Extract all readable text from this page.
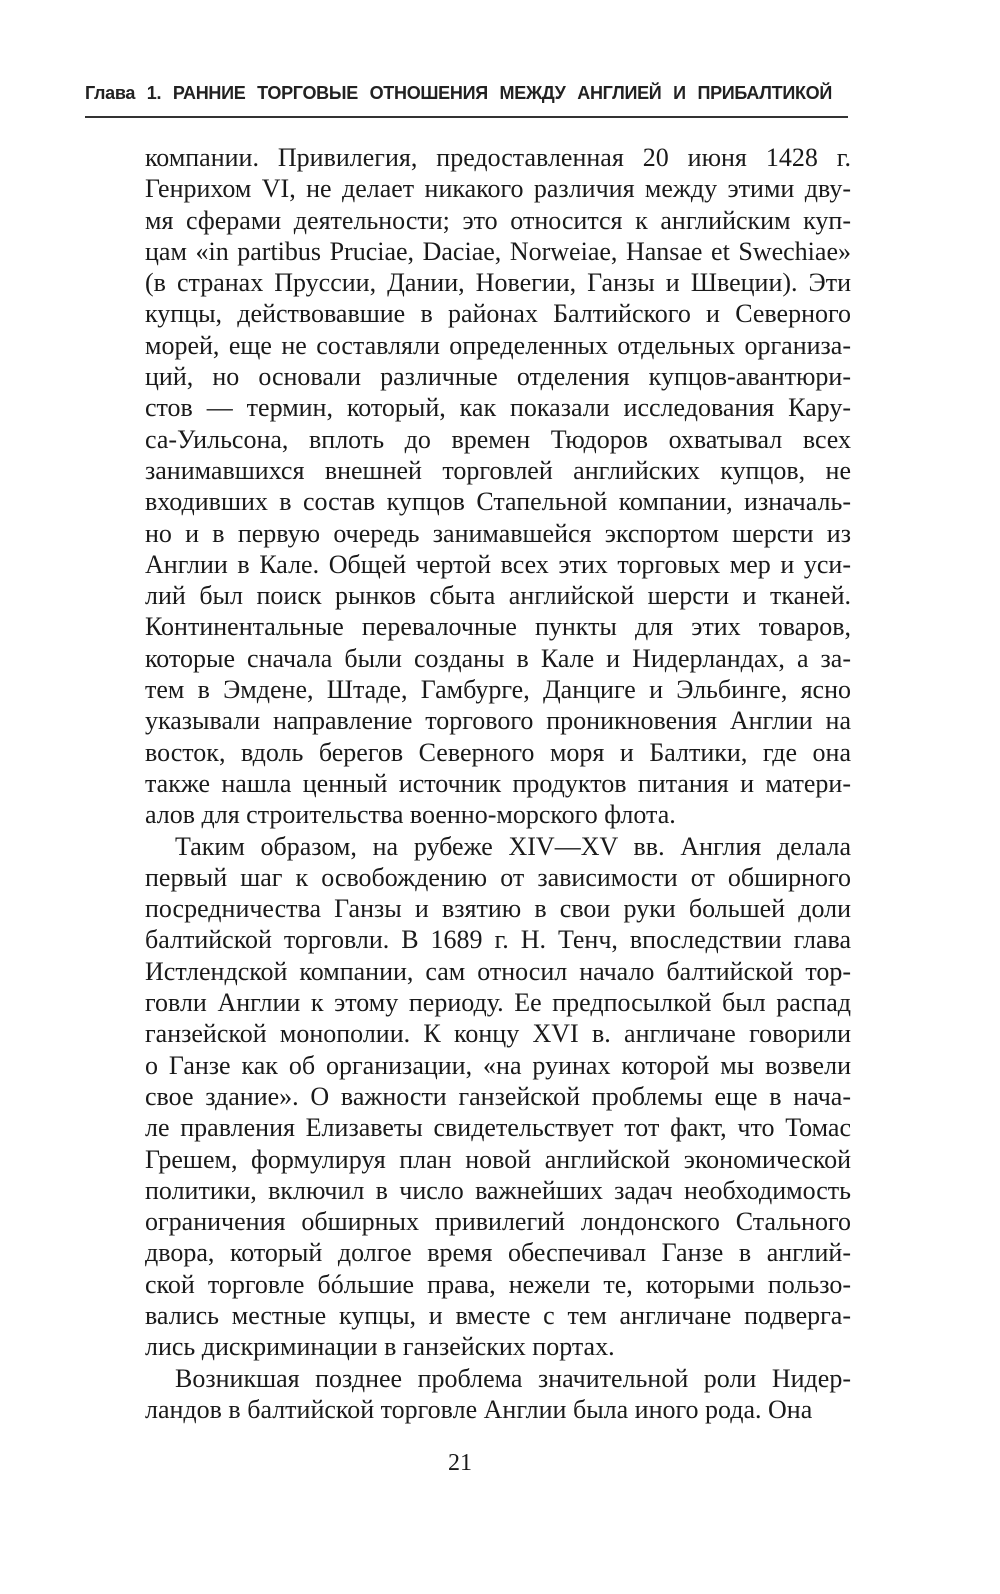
Глава 1. РАННИЕ ТОРГОВЫЕ ОТНОШЕНИЯ МЕЖДУ АНГЛИЕЙ И ПРИБАЛТИКОЙ
компании. Привилегия, предоставленная 20 июня 1428 г.
Генрихом VI, не делает никакого различия между этими дву-
мя сферами деятельности; это относится к английским куп-
цам «in partibus Pruciae, Daciae, Norweiae, Hansae et Swechiae»
(в странах Пруссии, Дании, Новегии, Ганзы и Швеции). Эти
купцы, действовавшие в районах Балтийского и Северного
морей, еще не составляли определенных отдельных организа-
ций, но основали различные отделения купцов-авантюри-
стов — термин, который, как показали исследования Кару-
са-Уильсона, вплоть до времен Тюдоров охватывал всех
занимавшихся внешней торговлей английских купцов, не
входивших в состав купцов Стапельной компании, изначаль-
но и в первую очередь занимавшейся экспортом шерсти из
Англии в Кале. Общей чертой всех этих торговых мер и уси-
лий был поиск рынков сбыта английской шерсти и тканей.
Континентальные перевалочные пункты для этих товаров,
которые сначала были созданы в Кале и Нидерландах, а за-
тем в Эмдене, Штаде, Гамбурге, Данциге и Эльбинге, ясно
указывали направление торгового проникновения Англии на
восток, вдоль берегов Северного моря и Балтики, где она
также нашла ценный источник продуктов питания и матери-
алов для строительства военно-морского флота.
Таким образом, на рубеже XIV—XV вв. Англия делала
первый шаг к освобождению от зависимости от обширного
посредничества Ганзы и взятию в свои руки большей доли
балтийской торговли. В 1689 г. Н. Тенч, впоследствии глава
Истлендской компании, сам относил начало балтийской тор-
говли Англии к этому периоду. Ее предпосылкой был распад
ганзейской монополии. К концу XVI в. англичане говорили
о Ганзе как об организации, «на руинах которой мы возвели
свое здание». О важности ганзейской проблемы еще в нача-
ле правления Елизаветы свидетельствует тот факт, что Томас
Грешем, формулируя план новой английской экономической
политики, включил в число важнейших задач необходимость
ограничения обширных привилегий лондонского Стального
двора, который долгое время обеспечивал Ганзе в англий-
ской торговле бóльшие права, нежели те, которыми пользо-
вались местные купцы, и вместе с тем англичане подверга-
лись дискриминации в ганзейских портах.
Возникшая позднее проблема значительной роли Нидер-
ландов в балтийской торговле Англии была иного рода. Она
21
